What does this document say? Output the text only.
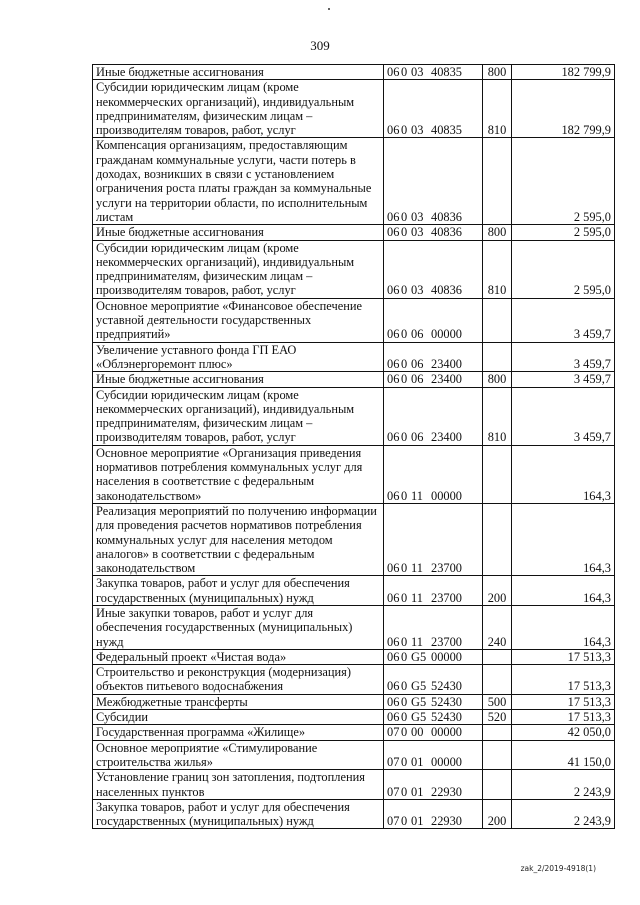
309
Иные бюджетные ассигнования	06 0 03 40835	800	182 799,9
Субсидии юридическим лицам (кроме некоммерческих организаций), индивидуальным предпринимателям, физическим лицам – производителям товаров, работ, услуг	06 0 03 40835	810	182 799,9
Компенсация организациям, предоставляющим гражданам коммунальные услуги, части потерь в доходах, возникших в связи с установлением ограничения роста платы граждан за коммунальные услуги на территории области, по исполнительным листам	06 0 03 40836		2 595,0
Иные бюджетные ассигнования	06 0 03 40836	800	2 595,0
Субсидии юридическим лицам (кроме некоммерческих организаций), индивидуальным предпринимателям, физическим лицам – производителям товаров, работ, услуг	06 0 03 40836	810	2 595,0
Основное мероприятие «Финансовое обеспечение уставной деятельности государственных предприятий»	06 0 06 00000		3 459,7
Увеличение уставного фонда ГП ЕАО «Облэнергоремонт плюс»	06 0 06 23400		3 459,7
Иные бюджетные ассигнования	06 0 06 23400	800	3 459,7
Субсидии юридическим лицам (кроме некоммерческих организаций), индивидуальным предпринимателям, физическим лицам – производителям товаров, работ, услуг	06 0 06 23400	810	3 459,7
Основное мероприятие «Организация приведения нормативов потребления коммунальных услуг для населения в соответствие с федеральным законодательством»	06 0 11 00000		164,3
Реализация мероприятий по получению информации для проведения расчетов нормативов потребления коммунальных услуг для населения методом аналогов» в соответствии с федеральным законодательством	06 0 11 23700		164,3
Закупка товаров, работ и услуг для обеспечения государственных (муниципальных) нужд	06 0 11 23700	200	164,3
Иные закупки товаров, работ и услуг для обеспечения государственных (муниципальных) нужд	06 0 11 23700	240	164,3
Федеральный проект «Чистая вода»	06 0 G5 00000		17 513,3
Строительство и реконструкция (модернизация) объектов питьевого водоснабжения	06 0 G5 52430		17 513,3
Межбюджетные трансферты	06 0 G5 52430	500	17 513,3
Субсидии	06 0 G5 52430	520	17 513,3
Государственная программа «Жилище»	07 0 00 00000		42 050,0
Основное мероприятие «Стимулирование строительства жилья»	07 0 01 00000		41 150,0
Установление границ зон затопления, подтопления населенных пунктов	07 0 01 22930		2 243,9
Закупка товаров, работ и услуг для обеспечения государственных (муниципальных) нужд	07 0 01 22930	200	2 243,9
zak_2/2019-4918(1)
